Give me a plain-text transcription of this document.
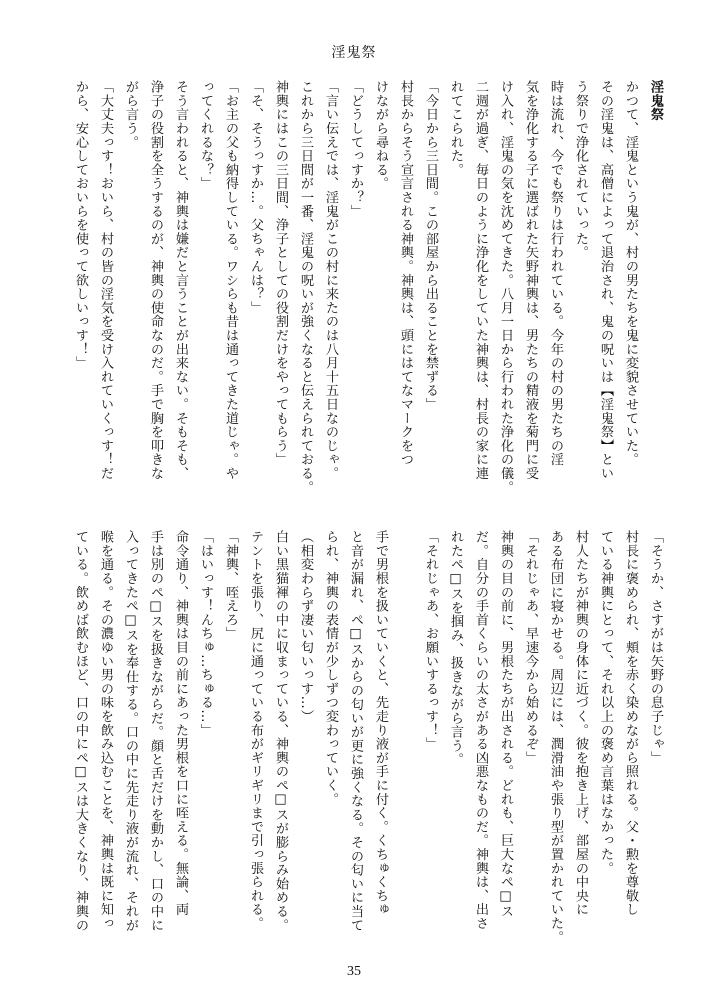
淫鬼祭
淫鬼祭
かつて、淫鬼という鬼が、村の男たちを鬼に変貌させていた。
その淫鬼は、高僧によって退治され、鬼の呪いは【淫鬼祭】とい
う祭りで浄化されていった。
時は流れ、今でも祭りは行われている。今年の村の男たちの淫
気を浄化する子に選ばれた矢野神輿は、男たちの精液を菊門に受
け入れ、淫鬼の気を沈めてきた。八月一日から行われた浄化の儀。
二週が過ぎ、毎日のように浄化をしていた神輿は、村長の家に連
れてこられた。
「今日から三日間。この部屋から出ることを禁ずる」
村長からそう宣言される神輿。神輿は、頭にはてなマークをつ
けながら尋ねる。
「どうしてっすか？」
「言い伝えでは、淫鬼がこの村に来たのは八月十五日なのじゃ。
これから三日間が一番、淫鬼の呪いが強くなると伝えられておる。
神輿にはこの三日間、浄子としての役割だけをやってもらう」
「そ、そうっすか…。父ちゃんは？」
「お主の父も納得している。ワシらも昔は通ってきた道じゃ。や
ってくれるな？」
そう言われると、神輿は嫌だと言うことが出来ない。そもそも、
浄子の役割を全うするのが、神輿の使命なのだ。手で胸を叩きな
がら言う。
「大丈夫っす！おいら、村の皆の淫気を受け入れていくっす！だ
から、安心しておいらを使って欲しいっす！」
「そうか、さすがは矢野の息子じゃ」
村長に褒められ、頬を赤く染めながら照れる。父・勲を尊敬し
ている神輿にとって、それ以上の褒め言葉はなかった。
村人たちが神輿の身体に近づく。彼を抱き上げ、部屋の中央に
ある布団に寝かせる。周辺には、潤滑油や張り型が置かれていた。
「それじゃあ、早速今から始めるぞ」
神輿の目の前に、男根たちが出される。どれも、巨大なペ□ス
だ。自分の手首くらいの太さがある凶悪なものだ。神輿は、出さ
れたペ□スを掴み、扱きながら言う。
「それじゃあ、お願いするっす！」
手で男根を扱いていくと、先走り液が手に付く。くちゅくちゅ
と音が漏れ、ペ□スからの匂いが更に強くなる。その匂いに当て
られ、神輿の表情が少しずつ変わっていく。
（相変わらず凄い匂いっす…）
白い黒猫褌の中に収まっている、神輿のペ□スが膨らみ始める。
テントを張り、尻に通っている布がギリギリまで引っ張られる。
「神輿、咥えろ」
「はいっす！んちゅ…ちゅる…」
命令通り、神輿は目の前にあった男根を口に咥える。無論、両
手は別のペ□スを扱きながらだ。顔と舌だけを動かし、口の中に
入ってきたペ□スを奉仕する。口の中に先走り液が流れ、それが
喉を通る。その濃ゆい男の味を飲み込むことを、神輿は既に知っ
ている。飲めば飲むほど、口の中にペ□スは大きくなり、神輿の
35
